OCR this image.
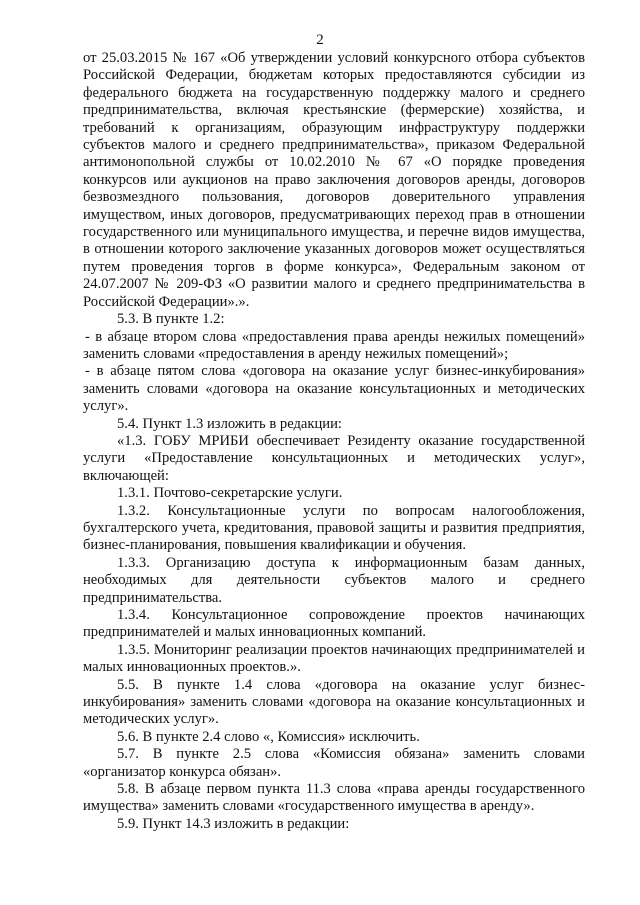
2

от 25.03.2015 № 167 «Об утверждении условий конкурсного отбора субъектов Российской Федерации, бюджетам которых предоставляются субсидии из федерального бюджета на государственную поддержку малого и среднего предпринимательства, включая крестьянские (фермерские) хозяйства, и требований к организациям, образующим инфраструктуру поддержки субъектов малого и среднего предпринимательства», приказом Федеральной антимонопольной службы от 10.02.2010 № 67 «О порядке проведения конкурсов или аукционов на право заключения договоров аренды, договоров безвозмездного пользования, договоров доверительного управления имуществом, иных договоров, предусматривающих переход прав в отношении государственного или муниципального имущества, и перечне видов имущества, в отношении которого заключение указанных договоров может осуществляться путем проведения торгов в форме конкурса», Федеральным законом от 24.07.2007 № 209-ФЗ «О развитии малого и среднего предпринимательства в Российской Федерации».».

5.3. В пункте 1.2:

- в абзаце втором слова «предоставления права аренды нежилых помещений» заменить словами «предоставления в аренду нежилых помещений»;

- в абзаце пятом слова «договора на оказание услуг бизнес-инкубирования» заменить словами «договора на оказание консультационных и методических услуг».

5.4. Пункт 1.3 изложить в редакции:

«1.3. ГОБУ МРИБИ обеспечивает Резиденту оказание государственной услуги «Предоставление консультационных и методических услуг», включающей:

1.3.1. Почтово-секретарские услуги.

1.3.2. Консультационные услуги по вопросам налогообложения, бухгалтерского учета, кредитования, правовой защиты и развития предприятия, бизнес-планирования, повышения квалификации и обучения.

1.3.3. Организацию доступа к информационным базам данных, необходимых для деятельности субъектов малого и среднего предпринимательства.

1.3.4. Консультационное сопровождение проектов начинающих предпринимателей и малых инновационных компаний.

1.3.5. Мониторинг реализации проектов начинающих предпринимателей и малых инновационных проектов.».

5.5. В пункте 1.4 слова «договора на оказание услуг бизнес-инкубирования» заменить словами «договора на оказание консультационных и методических услуг».

5.6. В пункте 2.4 слово «, Комиссия» исключить.

5.7. В пункте 2.5 слова «Комиссия обязана» заменить словами «организатор конкурса обязан».

5.8. В абзаце первом пункта 11.3 слова «права аренды государственного имущества» заменить словами «государственного имущества в аренду».

5.9. Пункт 14.3 изложить в редакции:
